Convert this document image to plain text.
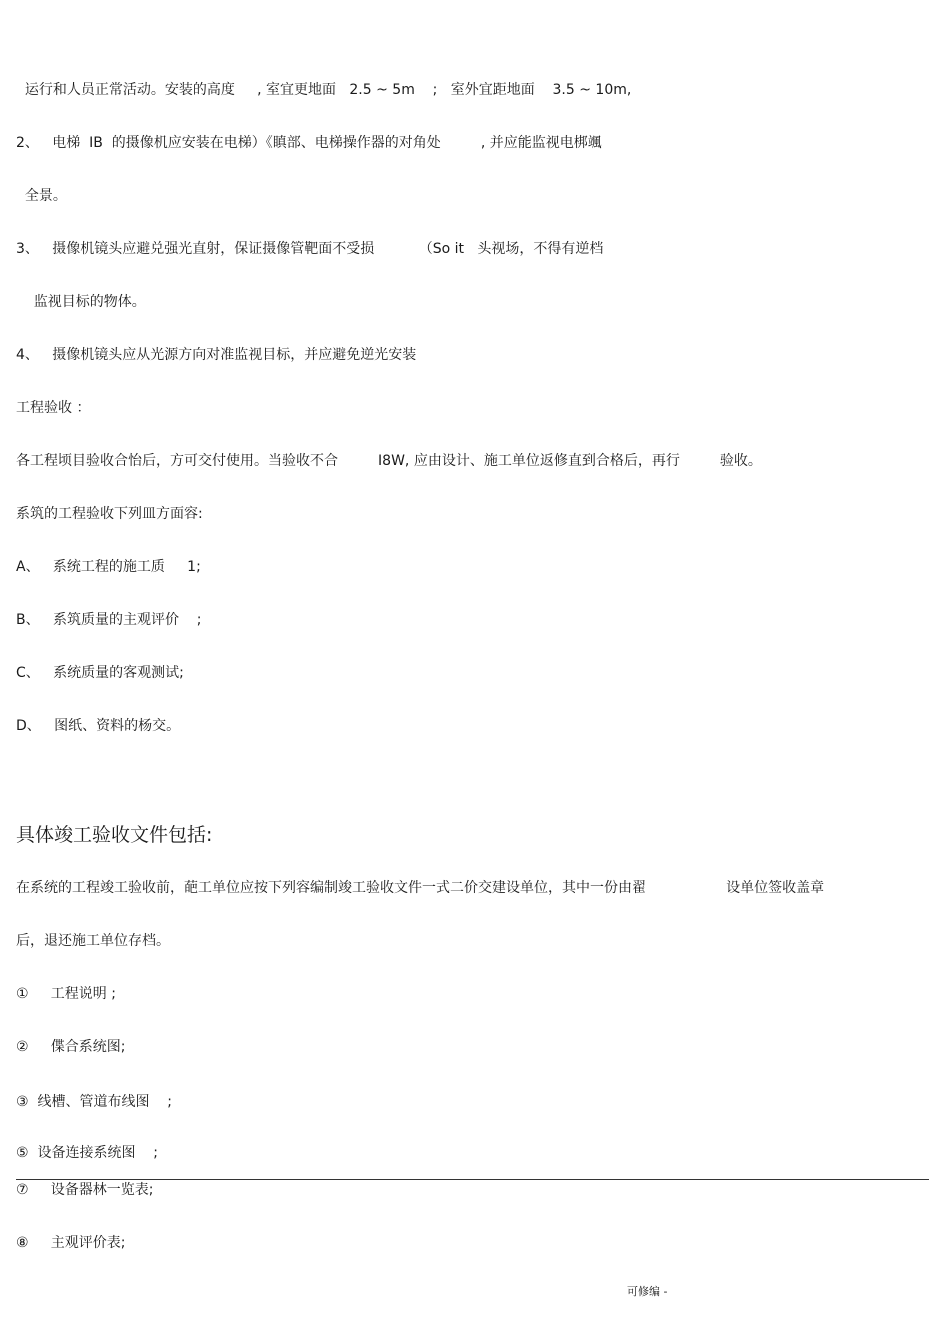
运行和人员正常活动。安装的高度     , 室宜更地面   2.5 ~ 5m    ;   室外宜距地面    3.5 ~ 10m,
2、   电梯  IB  的摄像机应安装在电梯）《瞋部、电梯操作器的对角处         , 并应能监视电梆颯
全景。
3、   摄像机镜头应避兑强光直射，保证摄像管靶面不受损          （So it   头视场，不得有逆档
监视目标的物体。
4、   摄像机镜头应从光源方向对准监视目标，并应避免逆光安装
工程验收 ：
各工程顷目验收合怡后，方可交付使用。当验收不合         I8W, 应由设计、施工单位返修直到合格后，再行         验收。
系筑的工程验收下列皿方面容:
A、   系统工程的施工质     1;
B、   系筑质量的主观评价    ;
C、   系统质量的客观测试;
D、   图纸、资料的杨交。
具体竣工验收文件包括:
在系统的工程竣工验收前，葩工单位应按下列容编制竣工验收文件一式二价交建设单位，其中一份由翟                  设单位签收盖章
后，退还施工单位存档。
①     工程说明 ;
②     偞合系统图;
③  线槽、管道布线图    ;
⑤  设备连接系统图    ;
⑦     设备器林一览表;
⑧     主观评价表;
可修编 -
